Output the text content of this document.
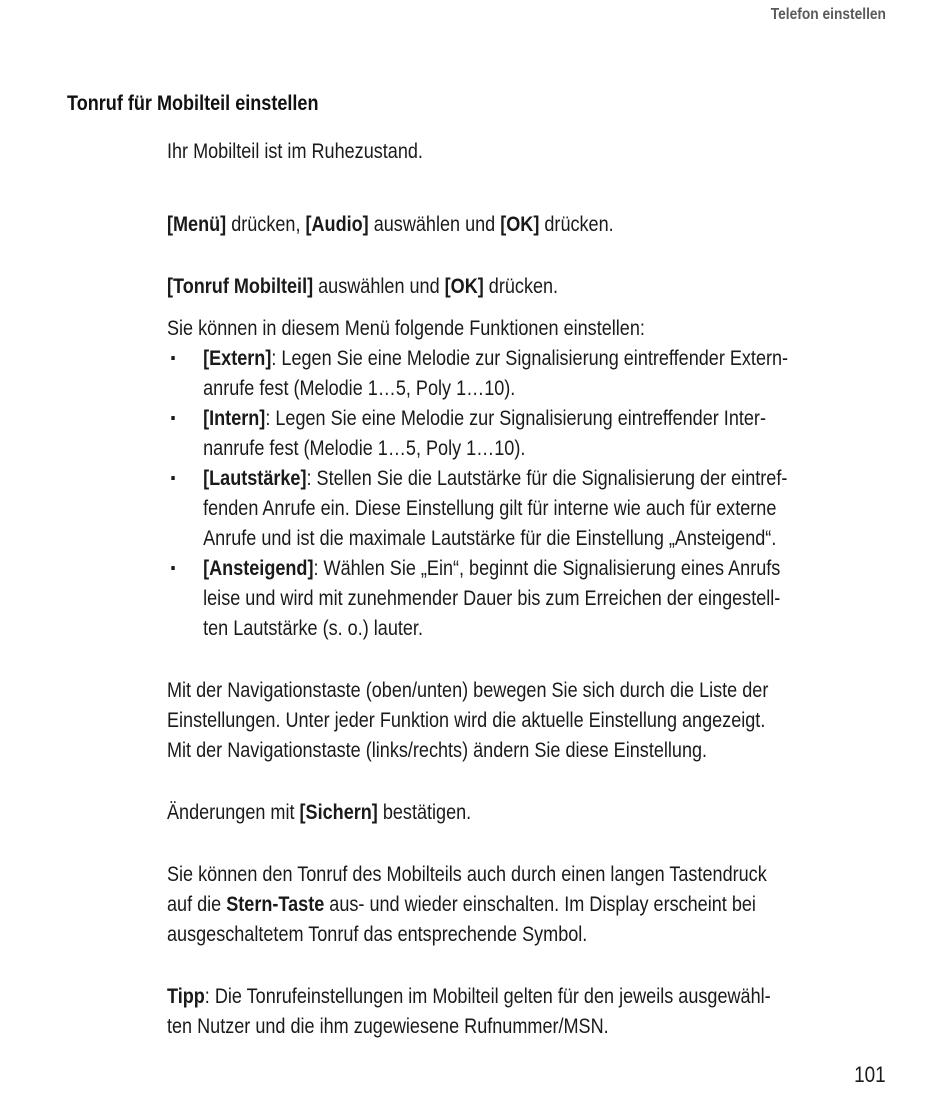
Telefon einstellen
Tonruf für Mobilteil einstellen

Ihr Mobilteil ist im Ruhezustand.

[Menü] drücken, [Audio] auswählen und [OK] drücken.

[Tonruf Mobilteil] auswählen und [OK] drücken.

Sie können in diesem Menü folgende Funktionen einstellen:

▪ [Extern]: Legen Sie eine Melodie zur Signalisierung eintreffender Extern-
anrufe fest (Melodie 1…5, Poly 1…10).
▪ [Intern]: Legen Sie eine Melodie zur Signalisierung eintreffender Inter-
nanrufe fest (Melodie 1…5, Poly 1…10).
▪ [Lautstärke]: Stellen Sie die Lautstärke für die Signalisierung der eintref-
fenden Anrufe ein. Diese Einstellung gilt für interne wie auch für externe
Anrufe und ist die maximale Lautstärke für die Einstellung „Ansteigend“.
▪ [Ansteigend]: Wählen Sie „Ein“, beginnt die Signalisierung eines Anrufs
leise und wird mit zunehmender Dauer bis zum Erreichen der eingestell-
ten Lautstärke (s. o.) lauter.

Mit der Navigationstaste (oben/unten) bewegen Sie sich durch die Liste der

Einstellungen. Unter jeder Funktion wird die aktuelle Einstellung angezeigt.

Mit der Navigationstaste (links/rechts) ändern Sie diese Einstellung.

Änderungen mit [Sichern] bestätigen.

Sie können den Tonruf des Mobilteils auch durch einen langen Tastendruck

auf die Stern-Taste aus- und wieder einschalten. Im Display erscheint bei

ausgeschaltetem Tonruf das entsprechende Symbol.

Tipp: Die Tonrufeinstellungen im Mobilteil gelten für den jeweils ausgewähl-

ten Nutzer und die ihm zugewiesene Rufnummer/MSN.

101
